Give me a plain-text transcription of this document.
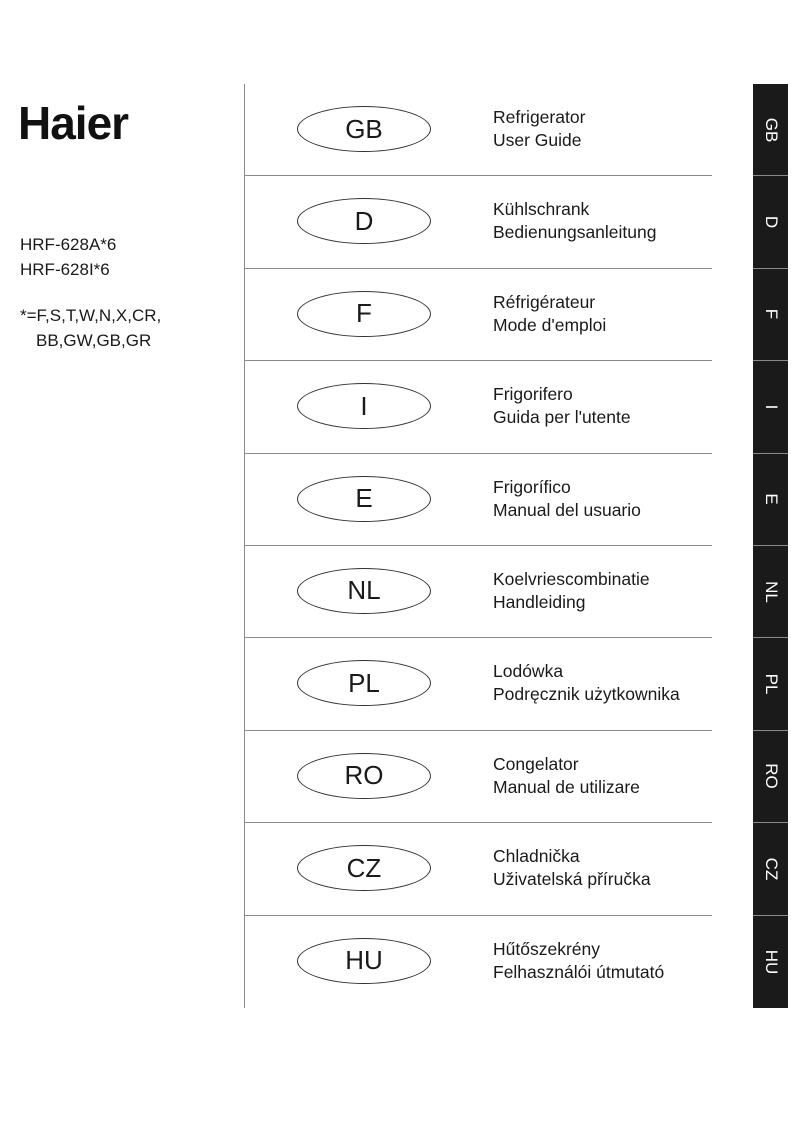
Haier
HRF-628A*6
HRF-628I*6
*=F,S,T,W,N,X,CR,
BB,GW,GB,GR
GB	Refrigerator
User Guide
D	Kühlschrank
Bedienungsanleitung
F	Réfrigérateur
Mode d'emploi
I	Frigorifero
Guida per l'utente
E	Frigorífico
Manual del usuario
NL	Koelvriescombinatie
Handleiding
PL	Lodówka
Podręcznik użytkownika
RO	Congelator
Manual de utilizare
CZ	Chladnička
Uživatelská příručka
HU	Hűtőszekrény
Felhasználói útmutató
GB
D
F
I
E
NL
PL
RO
CZ
HU
